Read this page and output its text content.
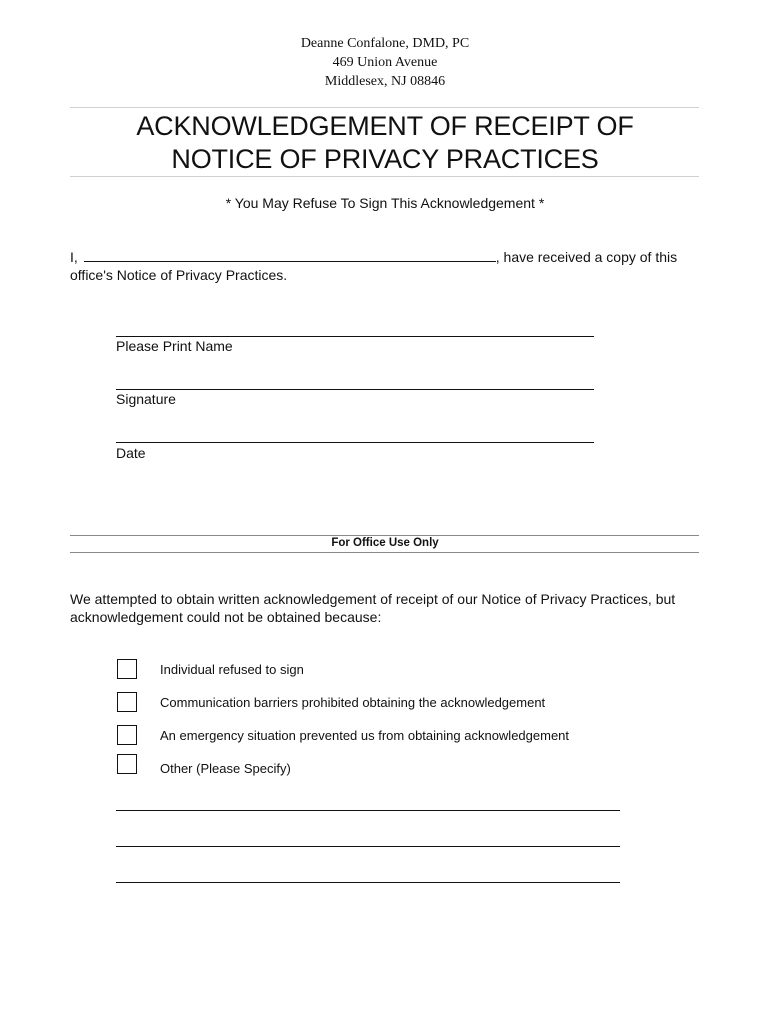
Deanne Confalone, DMD, PC
469 Union Avenue
Middlesex, NJ 08846
ACKNOWLEDGEMENT OF RECEIPT OF
NOTICE OF PRIVACY PRACTICES
* You May Refuse To Sign This Acknowledgement *
I,	, have received a copy of this
office's Notice of Privacy Practices.
Please Print Name
Signature
Date
For Office Use Only
We attempted to obtain written acknowledgement of receipt of our Notice of Privacy Practices, but acknowledgement could not be obtained because:
Individual refused to sign
Communication barriers prohibited obtaining the acknowledgement
An emergency situation prevented us from obtaining acknowledgement
Other (Please Specify)
